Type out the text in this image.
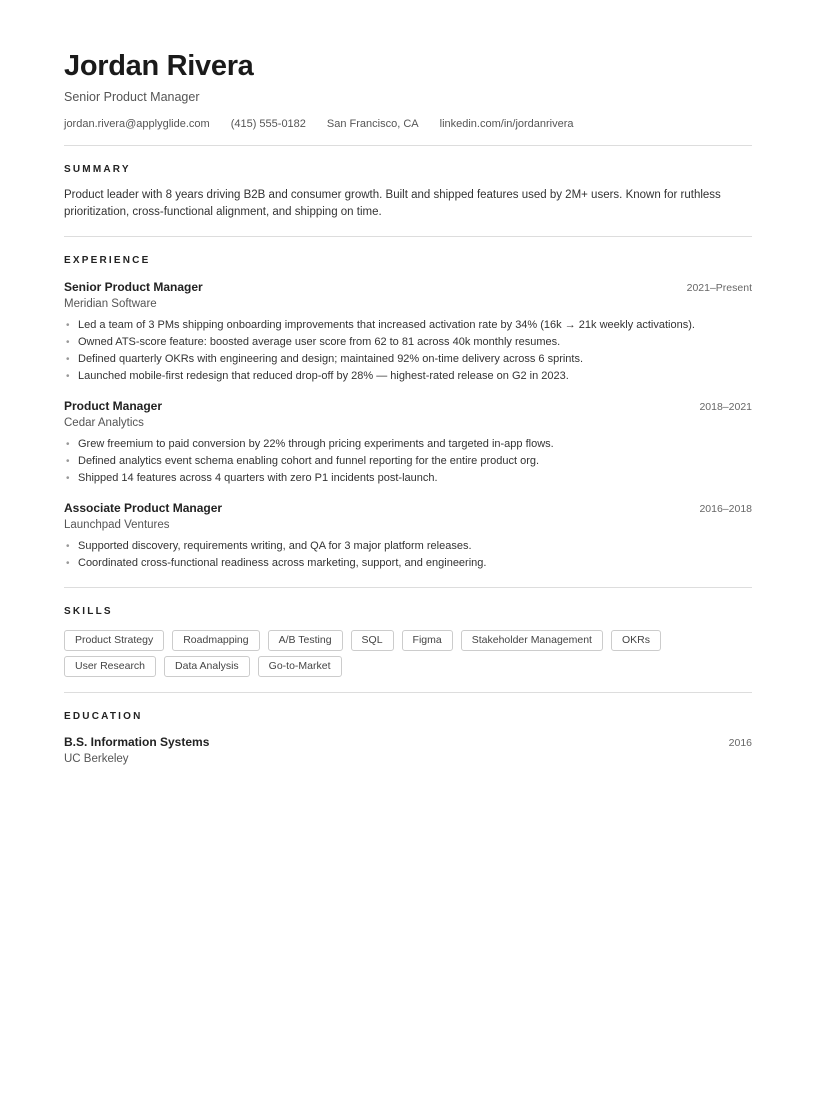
Jordan Rivera

Senior Product Manager

jordan.rivera@applyglide.com (415) 555-0182 San Francisco, CA linkedin.com/in/jordanrivera
SUMMARY

Product leader with 8 years driving B2B and consumer growth. Built and shipped features used by 2M+ users. Known for ruthless prioritization, cross-functional alignment, and shipping on time.

EXPERIENCE
Senior Product Manager	2021–Present
Meridian Software
• Led a team of 3 PMs shipping onboarding improvements that increased activation rate by 34% (16k → 21k weekly activations).
• Owned ATS-score feature: boosted average user score from 62 to 81 across 40k monthly resumes.
• Defined quarterly OKRs with engineering and design; maintained 92% on-time delivery across 6 sprints.
• Launched mobile-first redesign that reduced drop-off by 28% — highest-rated release on G2 in 2023.
Product Manager	2018–2021
Cedar Analytics
• Grew freemium to paid conversion by 22% through pricing experiments and targeted in-app flows.
• Defined analytics event schema enabling cohort and funnel reporting for the entire product org.
• Shipped 14 features across 4 quarters with zero P1 incidents post-launch.
Associate Product Manager	2016–2018
Launchpad Ventures
• Supported discovery, requirements writing, and QA for 3 major platform releases.
• Coordinated cross-functional readiness across marketing, support, and engineering.
SKILLS
Product Strategy	Roadmapping	A/B Testing	SQL	Figma	Stakeholder Management	OKRs
User Research	Data Analysis	Go-to-Market
EDUCATION
B.S. Information Systems	2016
UC Berkeley
